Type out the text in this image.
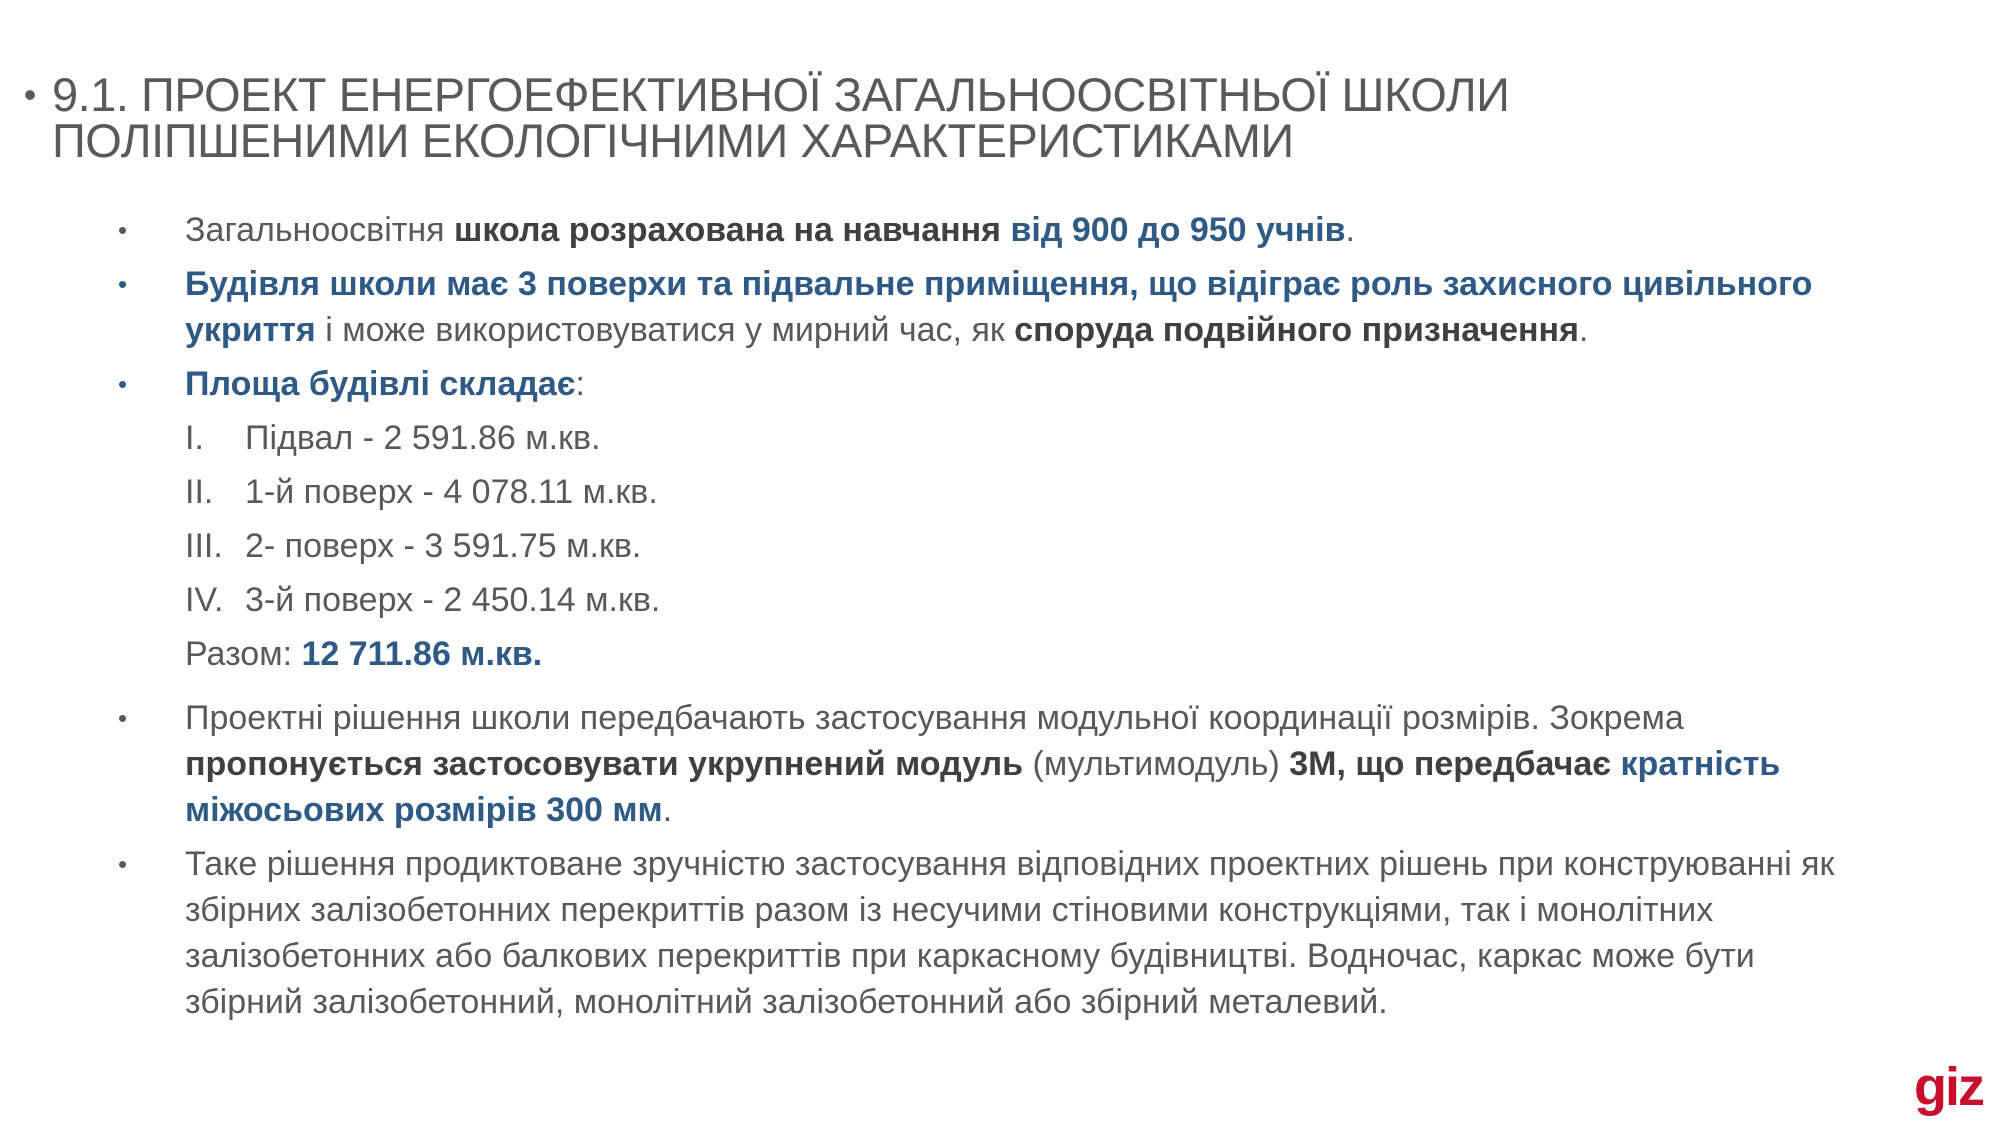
• 9.1. ПРОЕКТ ЕНЕРГОЕФЕКТИВНОЇ ЗАГАЛЬНООСВІТНЬОЇ ШКОЛИ
ПОЛІПШЕНИМИ ЕКОЛОГІЧНИМИ ХАРАКТЕРИСТИКАМИ
•	Загальноосвітня школа розрахована на навчання від 900 до 950 учнів.
•	Будівля школи має 3 поверхи та підвальне приміщення, що відіграє роль захисного цивільного укриття і може використовуватися у мирний час, як споруда подвійного призначення.
•	Площа будівлі складає:
I.	Підвал - 2 591.86 м.кв.
II. 1-й поверх - 4 078.11 м.кв.
III. 2- поверх - 3 591.75 м.кв.
IV. 3-й поверх - 2 450.14 м.кв.
Разом: 12 711.86 м.кв.
•	Проектні рішення школи передбачають застосування модульної координації розмірів. Зокрема пропонується застосовувати укрупнений модуль (мультимодуль) 3М, що передбачає кратність міжосьових розмірів 300 мм.
•	Таке рішення продиктоване зручністю застосування відповідних проектних рішень при конструюванні як збірних залізобетонних перекриттів разом із несучими стіновими конструкціями, так і монолітних залізобетонних або балкових перекриттів при каркасному будівництві. Водночас, каркас може бути збірний залізобетонний, монолітний залізобетонний або збірний металевий.
giz
